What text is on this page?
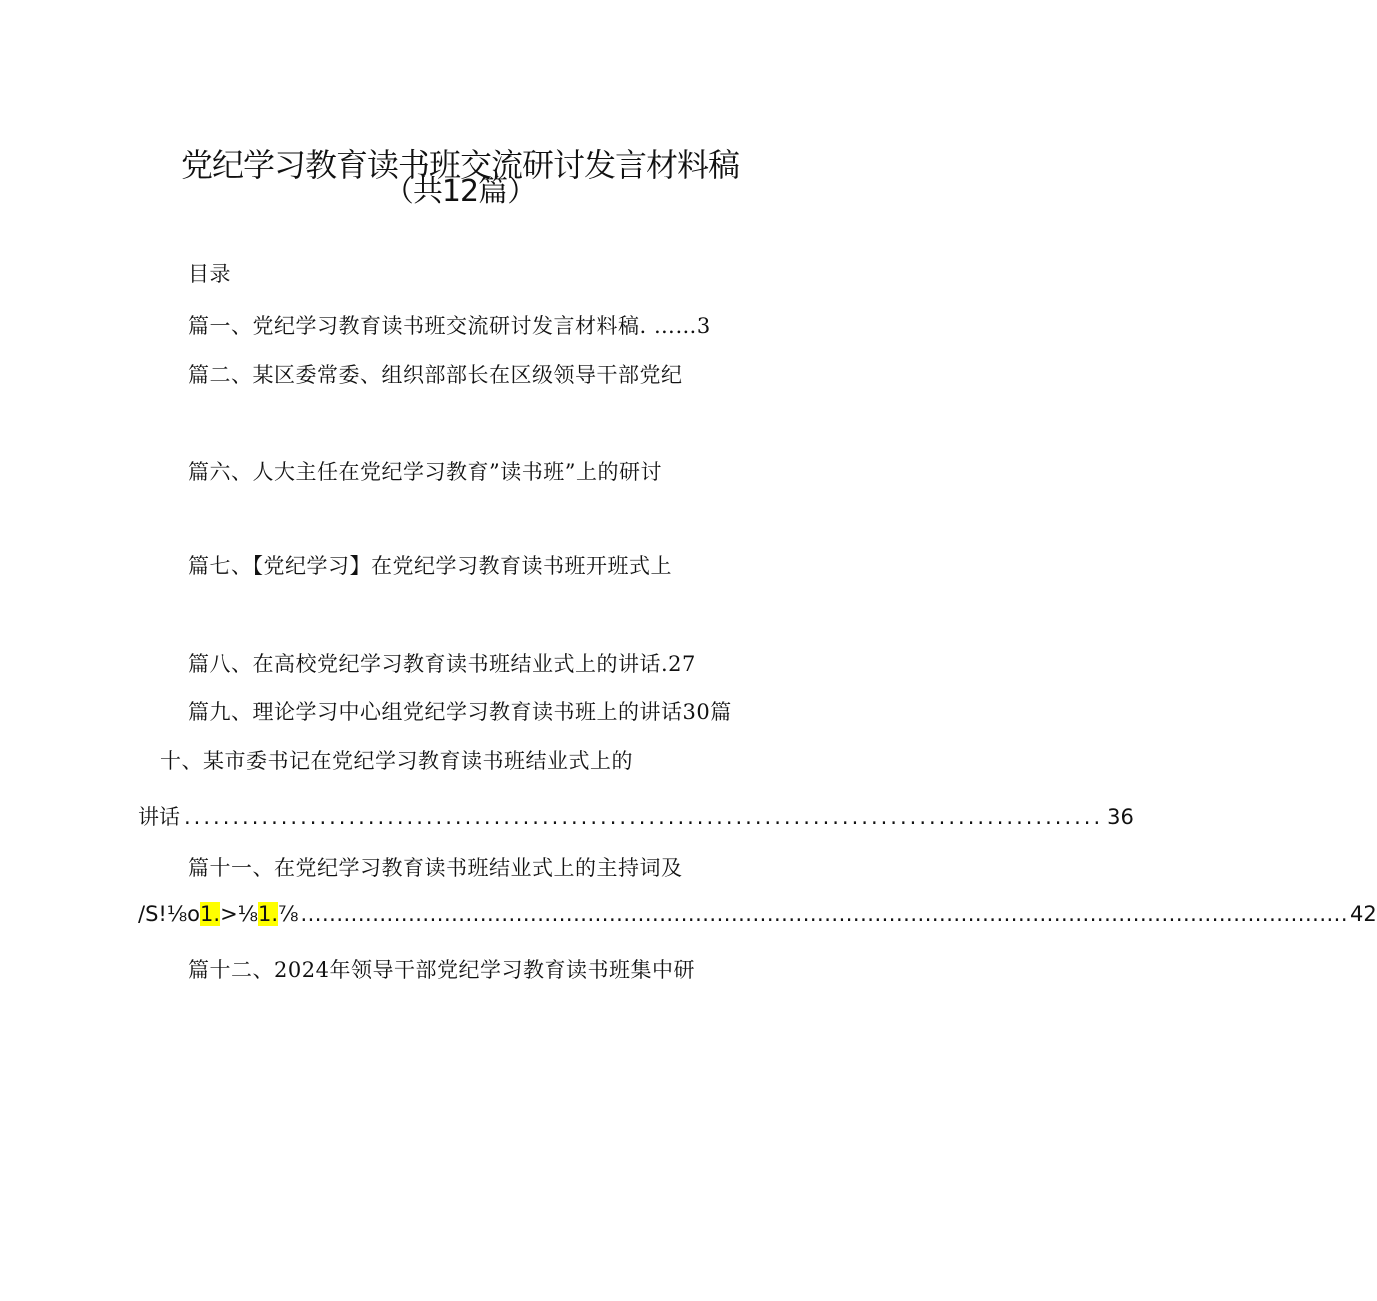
党纪学习教育读书班交流研讨发言材料稿
（共12篇）
目录
篇一、党纪学习教育读书班交流研讨发言材料稿. ……3
篇二、某区委常委、组织部部长在区级领导干部党纪
篇六、人大主任在党纪学习教育”读书班”上的研讨
篇七、【党纪学习】在党纪学习教育读书班开班式上
篇八、在高校党纪学习教育读书班结业式上的讲话.27
篇九、理论学习中心组党纪学习教育读书班上的讲话30篇
十、某市委书记在党纪学习教育读书班结业式上的
讲话 ............................................................................................... 36
篇十一、在党纪学习教育读书班结业式上的主持词及
/S!⅛o 1. >⅛ 1. ⅞ .................................................................................................................................................. 42
篇十二、2024年领导干部党纪学习教育读书班集中研
